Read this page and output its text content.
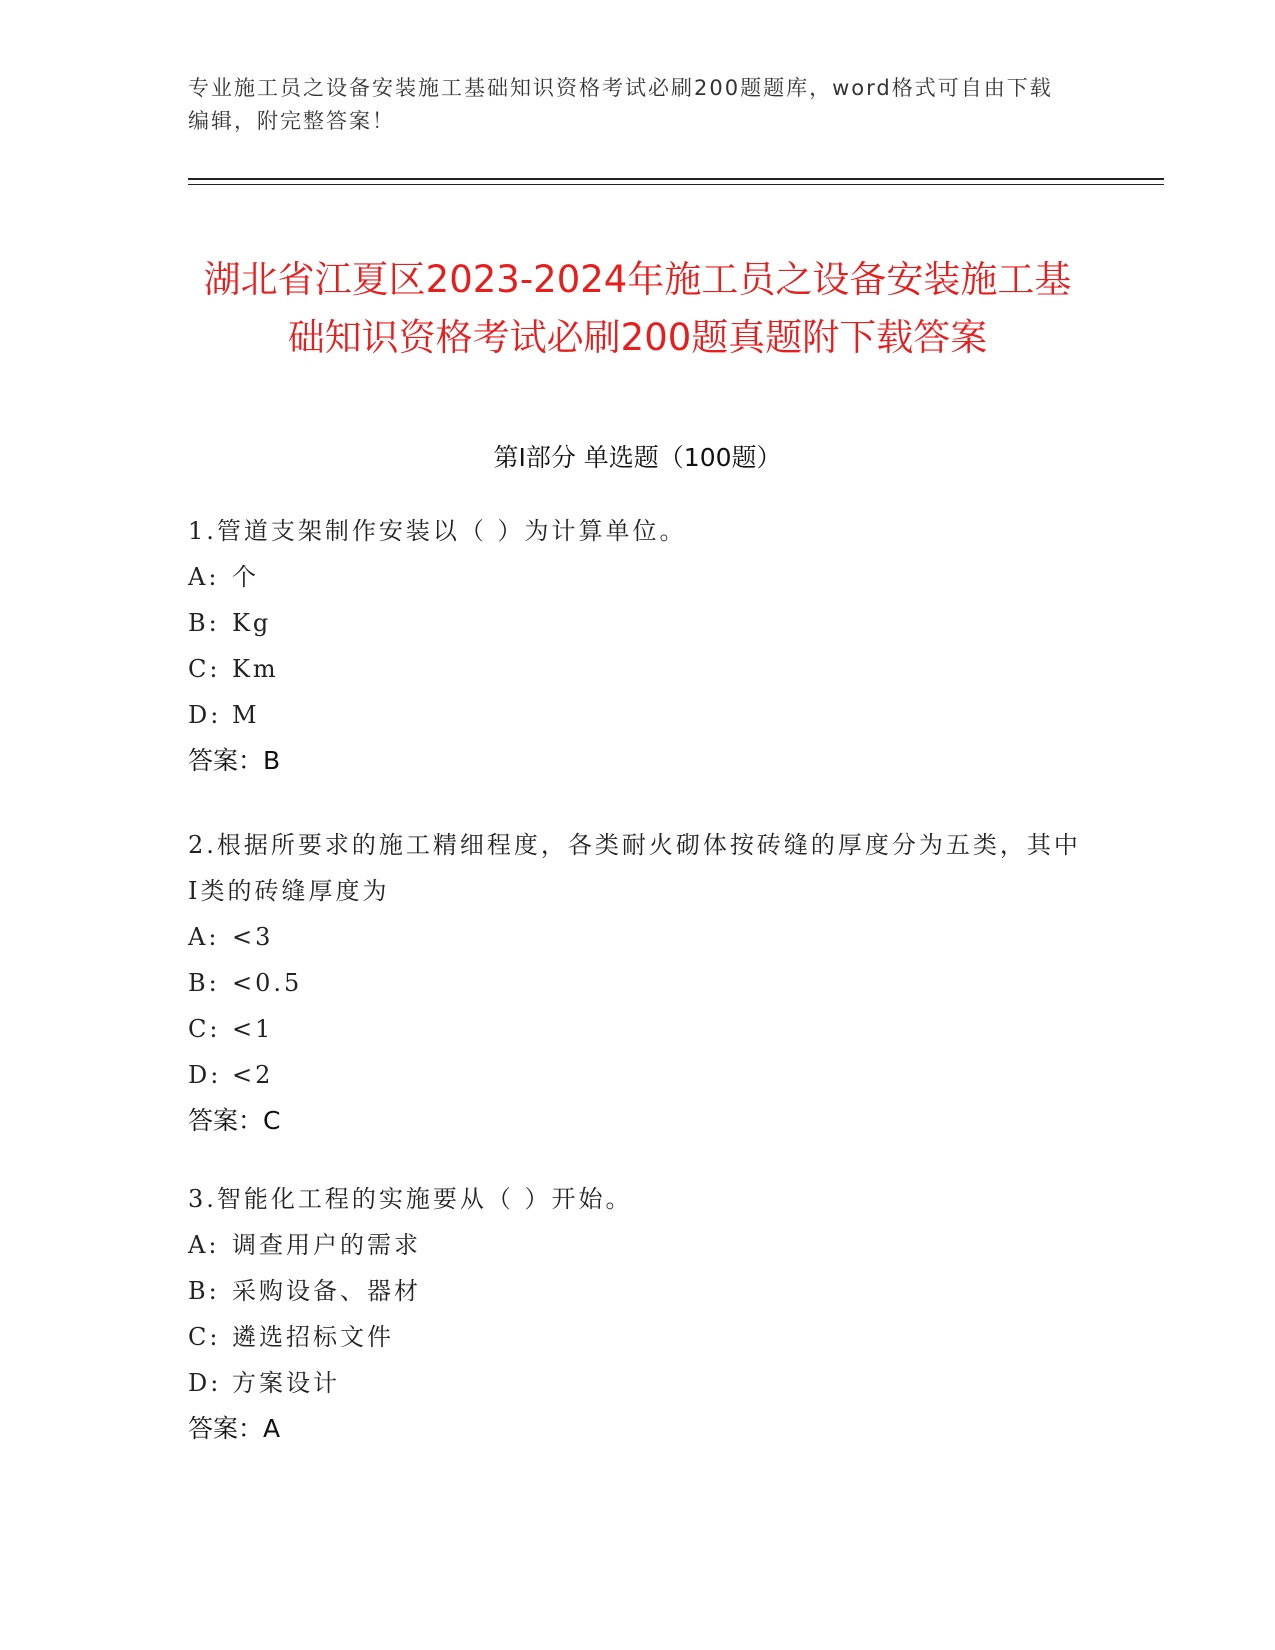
专业施工员之设备安装施工基础知识资格考试必刷200题题库，word格式可自由下载编辑，附完整答案！
湖北省江夏区2023-2024年施工员之设备安装施工基础知识资格考试必刷200题真题附下载答案
第Ⅰ部分 单选题（100题）
1.管道支架制作安装以（ ）为计算单位。
A: 个
B: Kg
C: Km
D: M
答案：B
2.根据所要求的施工精细程度，各类耐火砌体按砖缝的厚度分为五类，其中Ⅰ类的砖缝厚度为
A: <3
B: <0.5
C: <1
D: <2
答案：C
3.智能化工程的实施要从（ ）开始。
A: 调查用户的需求
B: 采购设备、器材
C: 遴选招标文件
D: 方案设计
答案：A
